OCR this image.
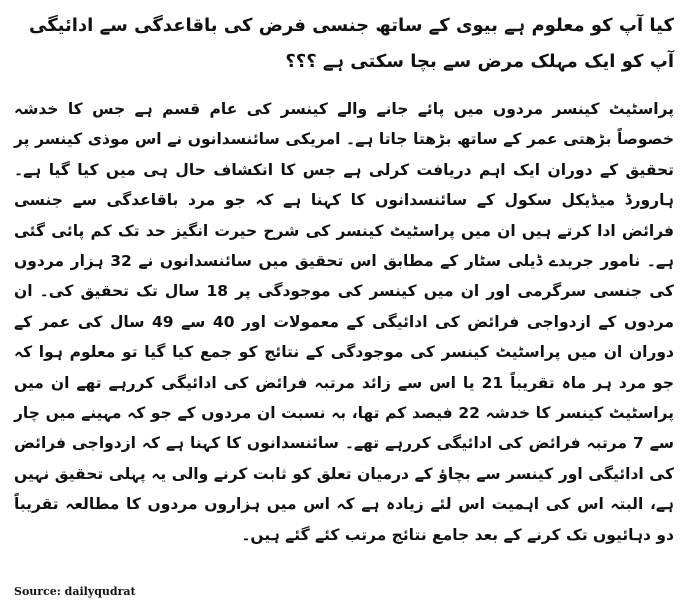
کیا آپ کو معلوم ہے بیوی کے ساتھ جنسی فرض کی باقاعدگی سے ادائیگی آپ کو ایک مہلک مرض سے بچا سکتی ہے ؟؟؟

پراسٹیٹ کینسر مردوں میں پائے جانے والے کینسر کی عام قسم ہے جس کا خدشہ خصوصاً بڑھتی عمر کے ساتھ بڑھتا جاتا ہے۔ امریکی سائنسدانوں نے اس موذی کینسر پر تحقیق کے دوران ایک اہم دریافت کرلی ہے جس کا انکشاف حال ہی میں کیا گیا ہے۔ ہارورڈ میڈیکل سکول کے سائنسدانوں کا کہنا ہے کہ جو مرد باقاعدگی سے جنسی فرائض ادا کرتے ہیں ان میں پراسٹیٹ کینسر کی شرح حیرت انگیز حد تک کم پائی گئی ہے۔ نامور جریدے ڈیلی سٹار کے مطابق اس تحقیق میں سائنسدانوں نے 32 ہزار مردوں کی جنسی سرگرمی اور ان میں کینسر کی موجودگی پر 18 سال تک تحقیق کی۔ ان مردوں کے ازدواجی فرائض کی ادائیگی کے معمولات اور 40 سے 49 سال کی عمر کے دوران ان میں پراسٹیٹ کینسر کی موجودگی کے نتائج کو جمع کیا گیا تو معلوم ہوا کہ جو مرد ہر ماہ تقریباً 21 یا اس سے زائد مرتبہ فرائض کی ادائیگی کررہے تھے ان میں پراسٹیٹ کینسر کا خدشہ 22 فیصد کم تھا، بہ نسبت ان مردوں کے جو کہ مہینے میں چار سے 7 مرتبہ فرائض کی ادائیگی کررہے تھے۔ سائنسدانوں کا کہنا ہے کہ ازدواجی فرائض کی ادائیگی اور کینسر سے بچاؤ کے درمیان تعلق کو ثابت کرنے والی یہ پہلی تحقیق نہیں ہے، البتہ اس کی اہمیت اس لئے زیادہ ہے کہ اس میں ہزاروں مردوں کا مطالعہ تقریباً دو دہائیوں تک کرنے کے بعد جامع نتائج مرتب کئے گئے ہیں۔

Source: dailyqudrat
